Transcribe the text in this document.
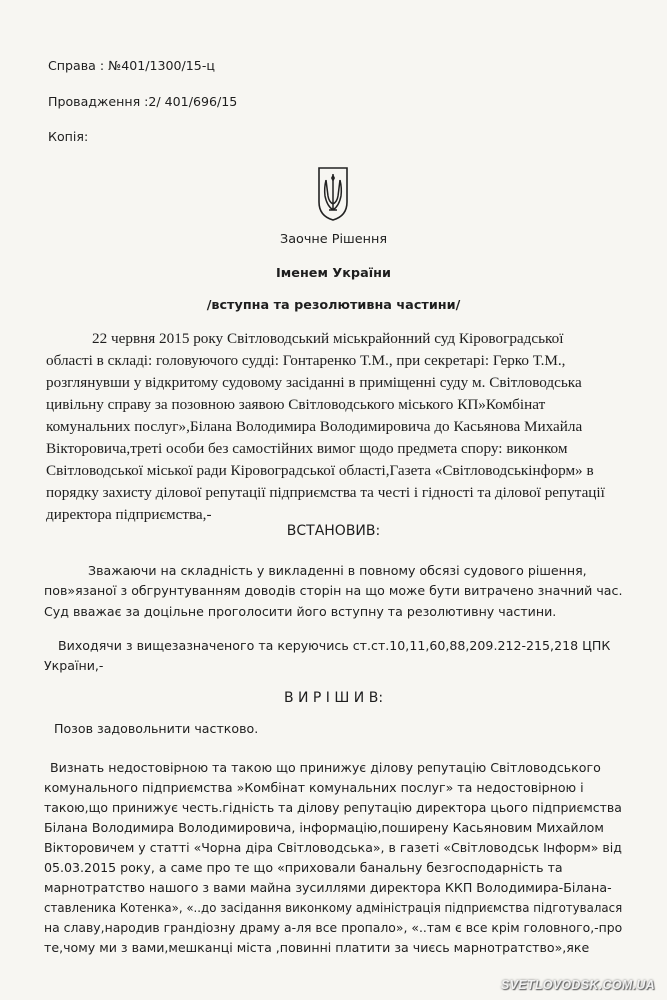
Справа : №401/1300/15-ц
Провадження :2/ 401/696/15
Копія:
Заочне Рішення
Іменем України
/вступна та резолютивна частини/
22 червня 2015 року Світловодський міськрайонний суд Кіровоградської
області в складі: головуючого судді: Гонтаренко Т.М., при секретарі: Герко Т.М.,
розглянувши у відкритому судовому засіданні в приміщенні суду м. Світловодська
цивільну справу за позовною заявою Світловодського міського КП»Комбінат
комунальних послуг»,Білана Володимира Володимировича до Касьянова Михайла
Вікторовича,треті особи без самостійних вимог щодо предмета спору: виконком
Світловодської міської ради Кіровоградської області,Газета «Світловодськінформ» в
порядку захисту ділової репутації підприємства та честі і гідності та ділової репутації
директора підприємства,-
ВСТАНОВИВ:
Зважаючи на складність у викладенні в повному обсязі судового рішення,
пов»язаної з обгрунтуванням доводів сторін на що може бути витрачено значний час.
Суд вважає за доцільне проголосити його вступну та резолютивну частини.
Виходячи з вищезазначеного та керуючись ст.ст.10,11,60,88,209.212-215,218 ЦПК
України,-
В И Р І Ш И В:
Позов задовольнити частково.
Визнать недостовірною та такою що принижує ділову репутацію Світловодського
комунального підприємства »Комбінат комунальних послуг» та недостовірною і
такою,що принижує честь.гідність та ділову репутацію директора цього підприємства
Білана Володимира Володимировича, інформацію,поширену Касьяновим Михайлом
Вікторовичем у статті «Чорна діра Світловодська», в газеті «Світловодськ Інформ» від
05.03.2015 року, а саме про те що «приховали банальну безгосподарність та
марнотратство нашого з вами майна зусиллями директора ККП Володимира-Білана-
ставленика Котенка», «..до засідання виконкому адміністрація підприємства підготувалася
на славу,народив грандіозну драму а-ля все пропало», «..там є все крім головного,-про
те,чому ми з вами,мешканці міста ,повинні платити за чиєсь марнотратство»,яке
SVETLOVODSK.COM.UA
